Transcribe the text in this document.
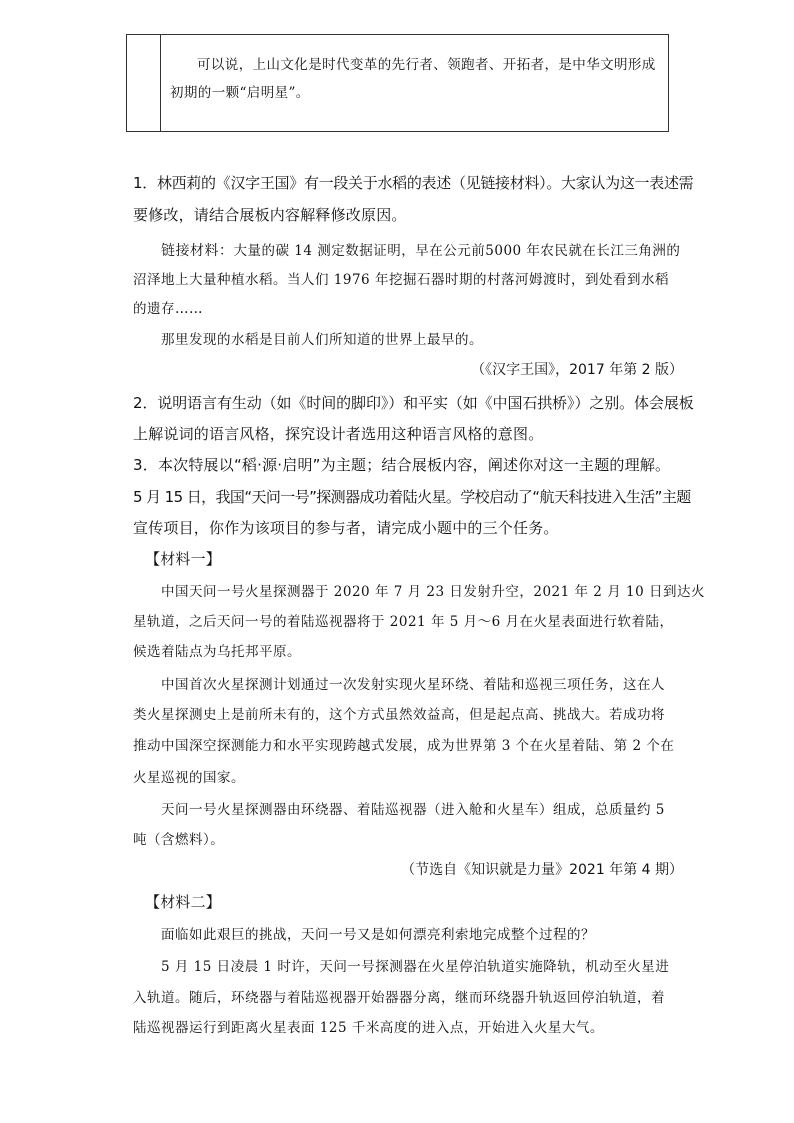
可以说，上山文化是时代变革的先行者、领跑者、开拓者，是中华文明形成初期的一颗“启明星”。
1．林西莉的《汉字王国》有一段关于水稻的表述（见链接材料）。大家认为这一表述需
要修改，请结合展板内容解释修改原因。
链接材料：大量的碳 14 测定数据证明，早在公元前5000 年农民就在长江三角洲的
沼泽地上大量种植水稻。当人们 1976 年挖掘石器时期的村落河姆渡时，到处看到水稻
的遗存……
那里发现的水稻是目前人们所知道的世界上最早的。
（《汉字王国》，2017 年第 2 版）
2．说明语言有生动（如《时间的脚印》）和平实（如《中国石拱桥》）之别。体会展板
上解说词的语言风格，探究设计者选用这种语言风格的意图。
3．本次特展以“稻·源·启明”为主题；结合展板内容，阐述你对这一主题的理解。
5 月 15 日，我国“天问一号”探测器成功着陆火星。学校启动了“航天科技进入生活”主题
宣传项目，你作为该项目的参与者，请完成小题中的三个任务。
【材料一】
中国天问一号火星探测器于 2020 年 7 月 23 日发射升空，2021 年 2 月 10 日到达火
星轨道，之后天问一号的着陆巡视器将于 2021 年 5 月～6 月在火星表面进行软着陆，
候选着陆点为乌托邦平原。
中国首次火星探测计划通过一次发射实现火星环绕、着陆和巡视三项任务，这在人
类火星探测史上是前所未有的，这个方式虽然效益高，但是起点高、挑战大。若成功将
推动中国深空探测能力和水平实现跨越式发展，成为世界第 3 个在火星着陆、第 2 个在
火星巡视的国家。
天问一号火星探测器由环绕器、着陆巡视器（进入舱和火星车）组成，总质量约 5
吨（含燃料）。
（节选自《知识就是力量》2021 年第 4 期）
【材料二】
面临如此艰巨的挑战，天问一号又是如何漂亮利索地完成整个过程的？
5 月 15 日凌晨 1 时许，天问一号探测器在火星停泊轨道实施降轨，机动至火星进
入轨道。随后，环绕器与着陆巡视器开始器器分离，继而环绕器升轨返回停泊轨道，着
陆巡视器运行到距离火星表面 125 千米高度的进入点，开始进入火星大气。
